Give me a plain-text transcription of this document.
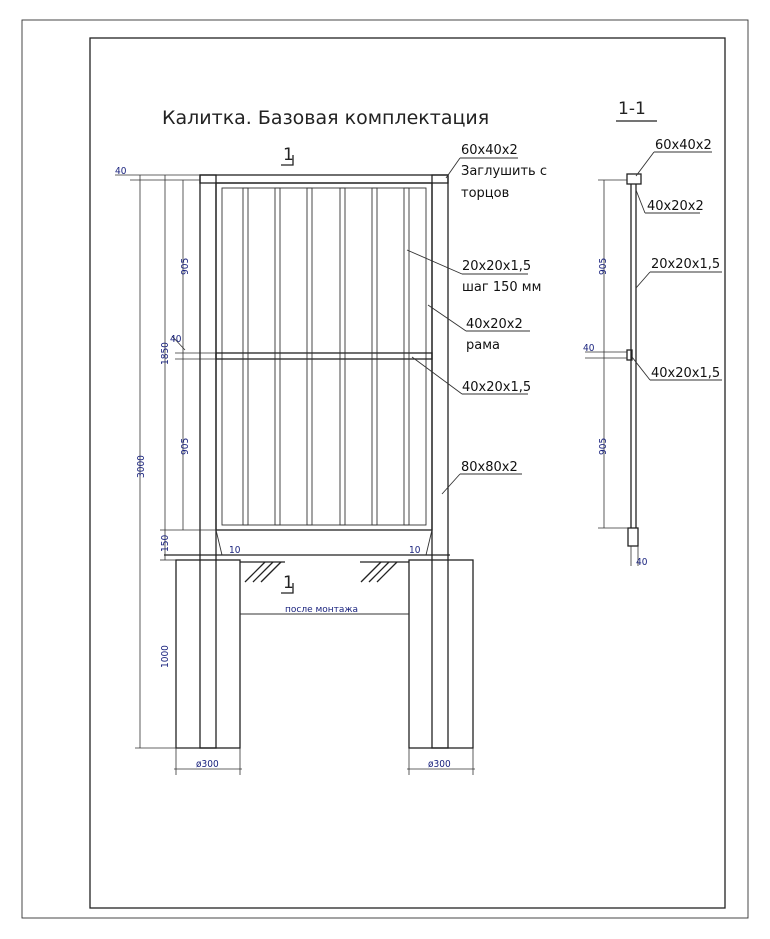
Калитка. Базовая комплектация
после монтажа
1
1
40
40
905
905
1850
3000
150
1000
10	10
ø300	ø300
60x40x2
Заглушить с
торцов
20x20x1,5
шаг 150 мм
40x20x2
рама
40x20x1,5
80x80x2
1-1
905
905
40
40
60x40x2
40x20x2
20x20x1,5
40x20x1,5
